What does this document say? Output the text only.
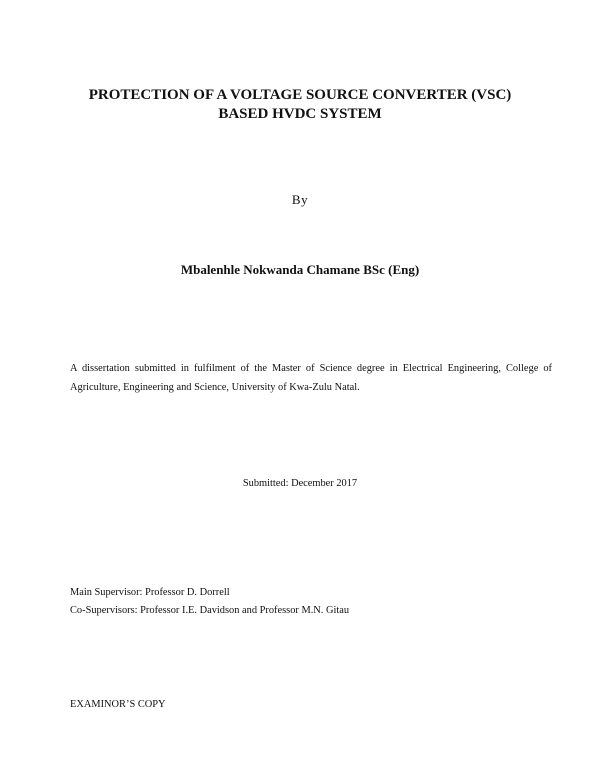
PROTECTION OF A VOLTAGE SOURCE CONVERTER (VSC)
BASED HVDC SYSTEM
By
Mbalenhle Nokwanda Chamane BSc (Eng)

A dissertation submitted in fulfilment of the Master of Science degree in Electrical Engineering, College of
Agriculture, Engineering and Science, University of Kwa-Zulu Natal.

Submitted: December 2017
Main Supervisor: Professor D. Dorrell
Co-Supervisors: Professor I.E. Davidson and Professor M.N. Gitau
EXAMINOR’S COPY
